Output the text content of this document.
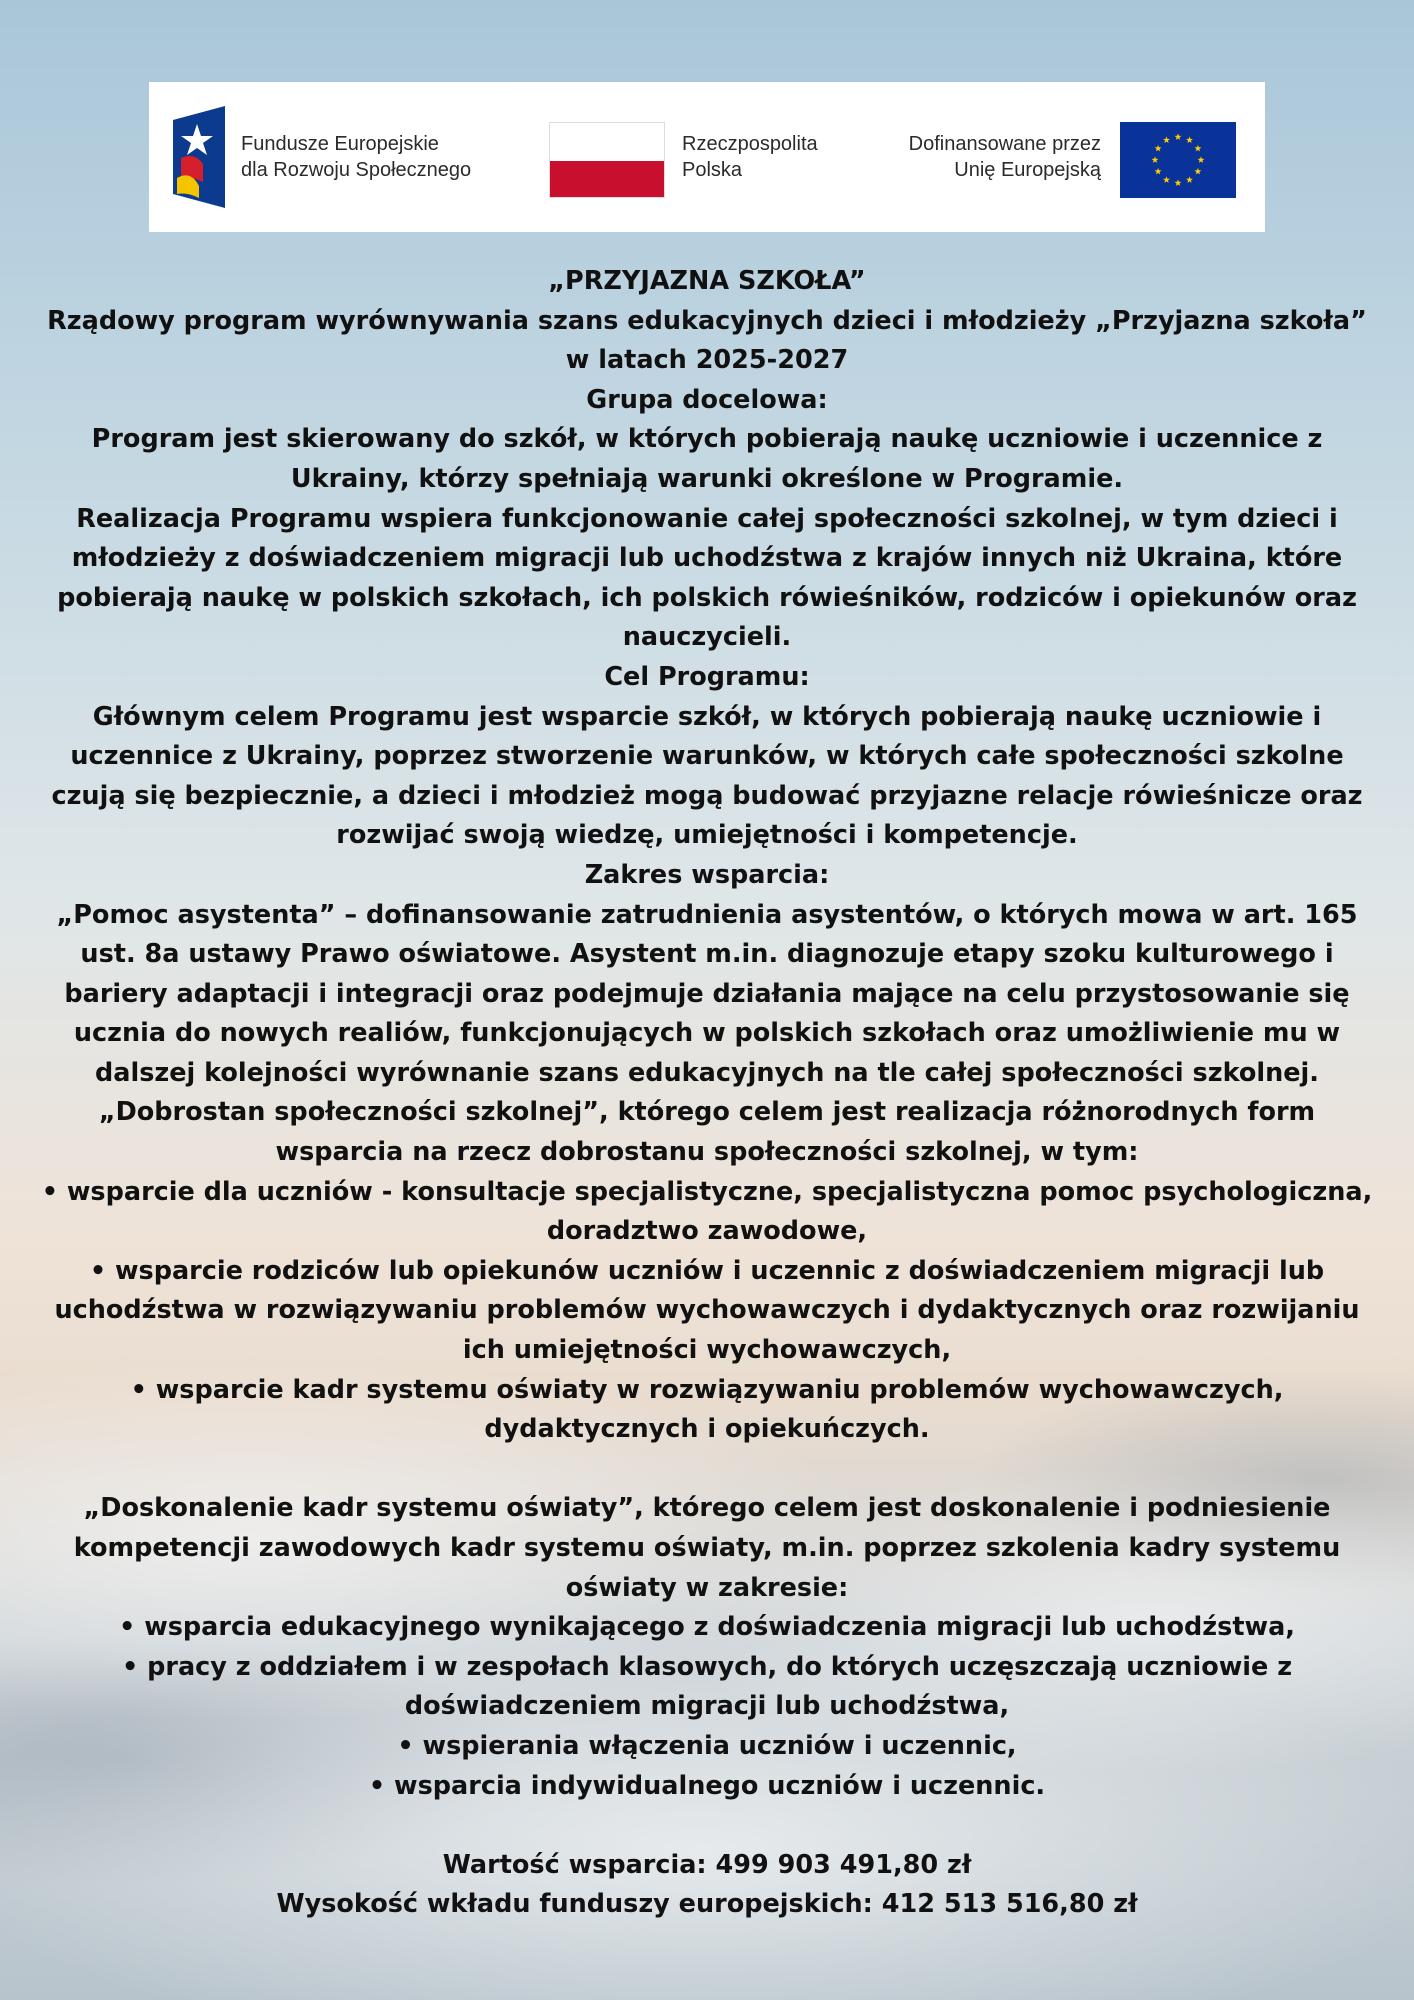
Fundusze Europejskie
dla Rozwoju Społecznego
Rzeczpospolita
Polska
Dofinansowane przez
Unię Europejską

„PRZYJAZNA SZKOŁA”

Rządowy program wyrównywania szans edukacyjnych dzieci i młodzieży „Przyjazna szkoła” w latach 2025-2027

Grupa docelowa:

Program jest skierowany do szkół, w których pobierają naukę uczniowie i uczennice z Ukrainy, którzy spełniają warunki określone w Programie.

Realizacja Programu wspiera funkcjonowanie całej społeczności szkolnej, w tym dzieci i młodzieży z doświadczeniem migracji lub uchodźstwa z krajów innych niż Ukraina, które pobierają naukę w polskich szkołach, ich polskich rówieśników, rodziców i opiekunów oraz nauczycieli.

Cel Programu:

Głównym celem Programu jest wsparcie szkół, w których pobierają naukę uczniowie i uczennice z Ukrainy, poprzez stworzenie warunków, w których całe społeczności szkolne czują się bezpiecznie, a dzieci i młodzież mogą budować przyjazne relacje rówieśnicze oraz rozwijać swoją wiedzę, umiejętności i kompetencje.

Zakres wsparcia:

„Pomoc asystenta” – dofinansowanie zatrudnienia asystentów, o których mowa w art. 165 ust. 8a ustawy Prawo oświatowe. Asystent m.in. diagnozuje etapy szoku kulturowego i bariery adaptacji i integracji oraz podejmuje działania mające na celu przystosowanie się ucznia do nowych realiów, funkcjonujących w polskich szkołach oraz umożliwienie mu w dalszej kolejności wyrównanie szans edukacyjnych na tle całej społeczności szkolnej.

„Dobrostan społeczności szkolnej”, którego celem jest realizacja różnorodnych form wsparcia na rzecz dobrostanu społeczności szkolnej, w tym:

• wsparcie dla uczniów - konsultacje specjalistyczne, specjalistyczna pomoc psychologiczna, doradztwo zawodowe,

• wsparcie rodziców lub opiekunów uczniów i uczennic z doświadczeniem migracji lub uchodźstwa w rozwiązywaniu problemów wychowawczych i dydaktycznych oraz rozwijaniu ich umiejętności wychowawczych,

• wsparcie kadr systemu oświaty w rozwiązywaniu problemów wychowawczych, dydaktycznych i opiekuńczych.

„Doskonalenie kadr systemu oświaty”, którego celem jest doskonalenie i podniesienie kompetencji zawodowych kadr systemu oświaty, m.in. poprzez szkolenia kadry systemu oświaty w zakresie:

• wsparcia edukacyjnego wynikającego z doświadczenia migracji lub uchodźstwa,

• pracy z oddziałem i w zespołach klasowych, do których uczęszczają uczniowie z doświadczeniem migracji lub uchodźstwa,

• wspierania włączenia uczniów i uczennic,

• wsparcia indywidualnego uczniów i uczennic.

Wartość wsparcia: 499 903 491,80 zł

Wysokość wkładu funduszy europejskich: 412 513 516,80 zł
